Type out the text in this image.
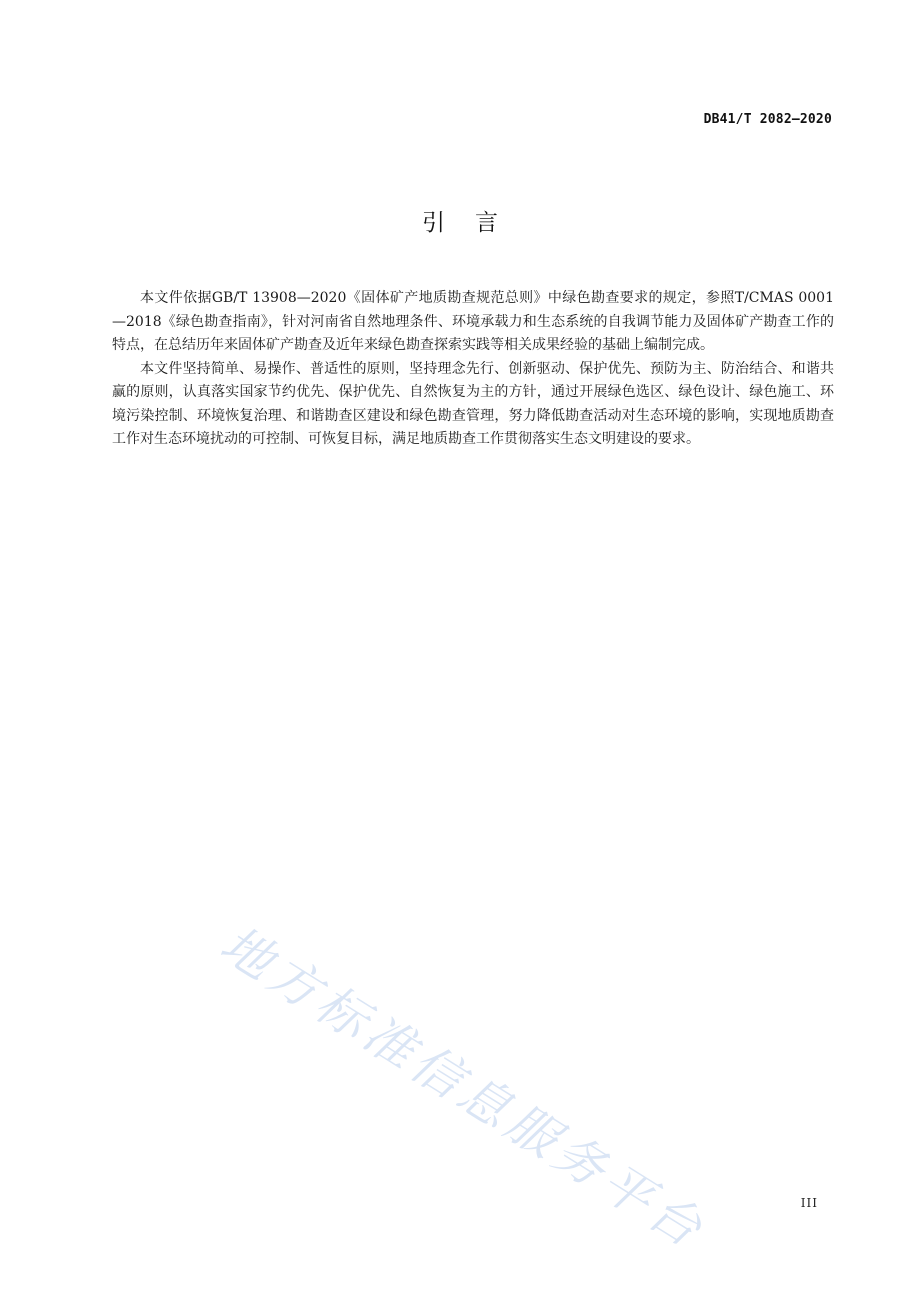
DB41/T 2082—2020
引 言

本文件依据GB/T 13908—2020《固体矿产地质勘查规范总则》中绿色勘查要求的规定，参照T/CMAS 0001—2018《绿色勘查指南》，针对河南省自然地理条件、环境承载力和生态系统的自我调节能力及固体矿产勘查工作的特点，在总结历年来固体矿产勘查及近年来绿色勘查探索实践等相关成果经验的基础上编制完成。

本文件坚持简单、易操作、普适性的原则，坚持理念先行、创新驱动、保护优先、预防为主、防治结合、和谐共赢的原则，认真落实国家节约优先、保护优先、自然恢复为主的方针，通过开展绿色选区、绿色设计、绿色施工、环境污染控制、环境恢复治理、和谐勘查区建设和绿色勘查管理，努力降低勘查活动对生态环境的影响，实现地质勘查工作对生态环境扰动的可控制、可恢复目标，满足地质勘查工作贯彻落实生态文明建设的要求。

地方标准信息服务平台	III
